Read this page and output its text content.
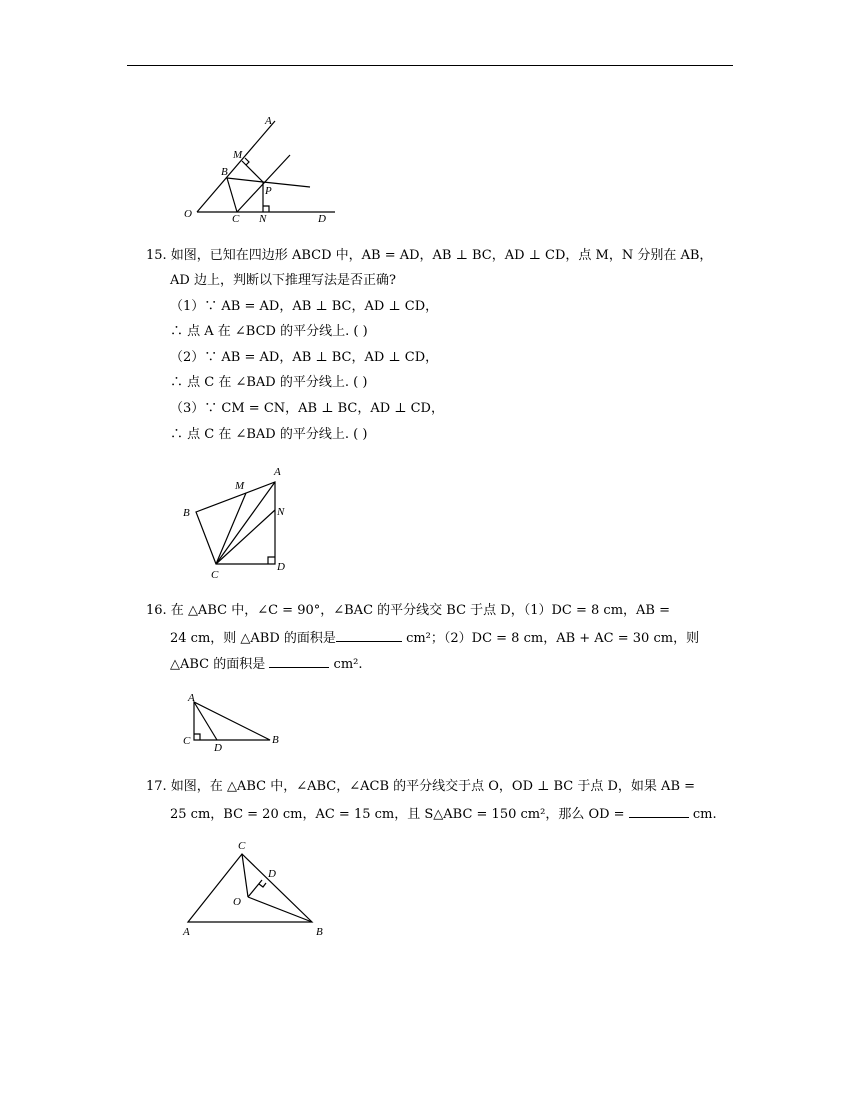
A
M
B
P
O	C N	D
15. 如图，已知在四边形 ABCD 中，AB = AD，AB ⊥ BC，AD ⊥ CD，点 M，N 分别在 AB，
AD 边上，判断以下推理写法是否正确?
（1）∵ AB = AD，AB ⊥ BC，AD ⊥ CD，
∴ 点 A 在 ∠BCD 的平分线上. ( )
（2）∵ AB = AD，AB ⊥ BC，AD ⊥ CD，
∴ 点 C 在 ∠BAD 的平分线上. ( )
（3）∵ CM = CN，AB ⊥ BC，AD ⊥ CD，
∴ 点 C 在 ∠BAD 的平分线上. ( )
A
M
B	N
C
D
16. 在 △ABC 中，∠C = 90°，∠BAC 的平分线交 BC 于点 D，（1）DC = 8 cm，AB =
24 cm，则 △ABD 的面积是	cm²；（2）DC = 8 cm，AB + AC = 30 cm，则
△ABC 的面积是	cm².
A
C
D
B
17. 如图，在 △ABC 中，∠ABC，∠ACB 的平分线交于点 O，OD ⊥ BC 于点 D，如果 AB =
25 cm，BC = 20 cm，AC = 15 cm，且 S△ABC = 150 cm²，那么 OD =	cm.
C
D
O
A	B
